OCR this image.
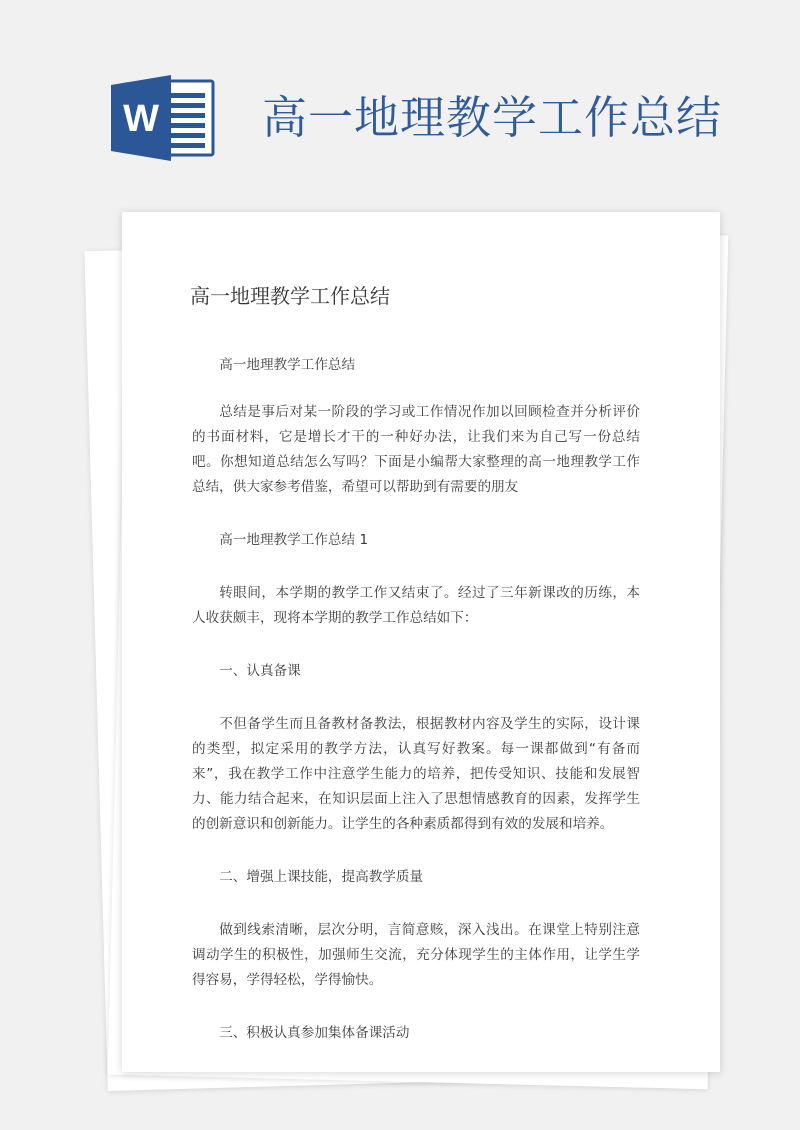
W 高一地理教学工作总结
高一地理教学工作总结

高一地理教学工作总结

总结是事后对某一阶段的学习或工作情况作加以回顾检查并分析评价的书面材料，它是增长才干的一种好办法，让我们来为自己写一份总结吧。你想知道总结怎么写吗？下面是小编帮大家整理的高一地理教学工作总结，供大家参考借鉴，希望可以帮助到有需要的朋友

高一地理教学工作总结 1

转眼间，本学期的教学工作又结束了。经过了三年新课改的历练，本人收获颇丰，现将本学期的教学工作总结如下：

一、认真备课

不但备学生而且备教材备教法，根据教材内容及学生的实际，设计课的类型，拟定采用的教学方法，认真写好教案。每一课都做到“有备而来”，我在教学工作中注意学生能力的培养，把传受知识、技能和发展智力、能力结合起来，在知识层面上注入了思想情感教育的因素，发挥学生的创新意识和创新能力。让学生的各种素质都得到有效的发展和培养。

二、增强上课技能，提高教学质量

做到线索清晰，层次分明，言简意赅，深入浅出。在课堂上特别注意调动学生的积极性，加强师生交流，充分体现学生的主体作用，让学生学得容易，学得轻松，学得愉快。

三、积极认真参加集体备课活动
